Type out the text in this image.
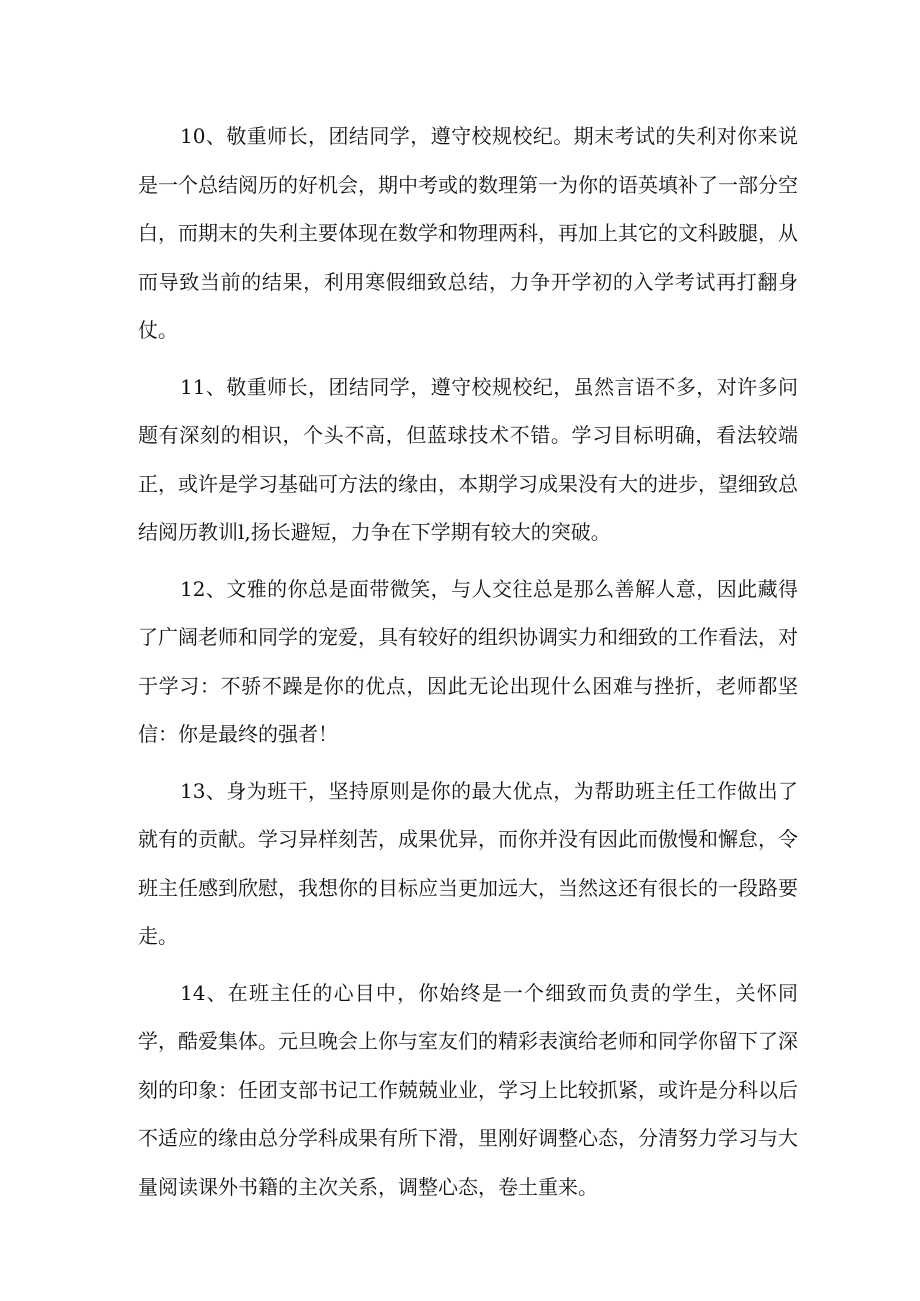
10、敬重师长，团结同学，遵守校规校纪。期末考试的失利对你来说是一个总结阅历的好机会，期中考或的数理第一为你的语英填补了一部分空白，而期末的失利主要体现在数学和物理两科，再加上其它的文科跛腿，从而导致当前的结果，利用寒假细致总结，力争开学初的入学考试再打翻身仗。

11、敬重师长，团结同学，遵守校规校纪，虽然言语不多，对许多问题有深刻的相识，个头不高，但蓝球技术不错。学习目标明确，看法较端正，或许是学习基础可方法的缘由，本期学习成果没有大的进步，望细致总结阅历教训l,扬长避短，力争在下学期有较大的突破。

12、文雅的你总是面带微笑，与人交往总是那么善解人意，因此藏得了广阔老师和同学的宠爱，具有较好的组织协调实力和细致的工作看法，对于学习：不骄不躁是你的优点，因此无论出现什么困难与挫折，老师都坚信：你是最终的强者！

13、身为班干，坚持原则是你的最大优点，为帮助班主任工作做出了就有的贡献。学习异样刻苦，成果优异，而你并没有因此而傲慢和懈怠，令班主任感到欣慰，我想你的目标应当更加远大，当然这还有很长的一段路要走。

14、在班主任的心目中，你始终是一个细致而负责的学生，关怀同学，酷爱集体。元旦晚会上你与室友们的精彩表演给老师和同学你留下了深刻的印象：任团支部书记工作兢兢业业，学习上比较抓紧，或许是分科以后不适应的缘由总分学科成果有所下滑，里刚好调整心态，分清努力学习与大量阅读课外书籍的主次关系，调整心态，卷土重来。
